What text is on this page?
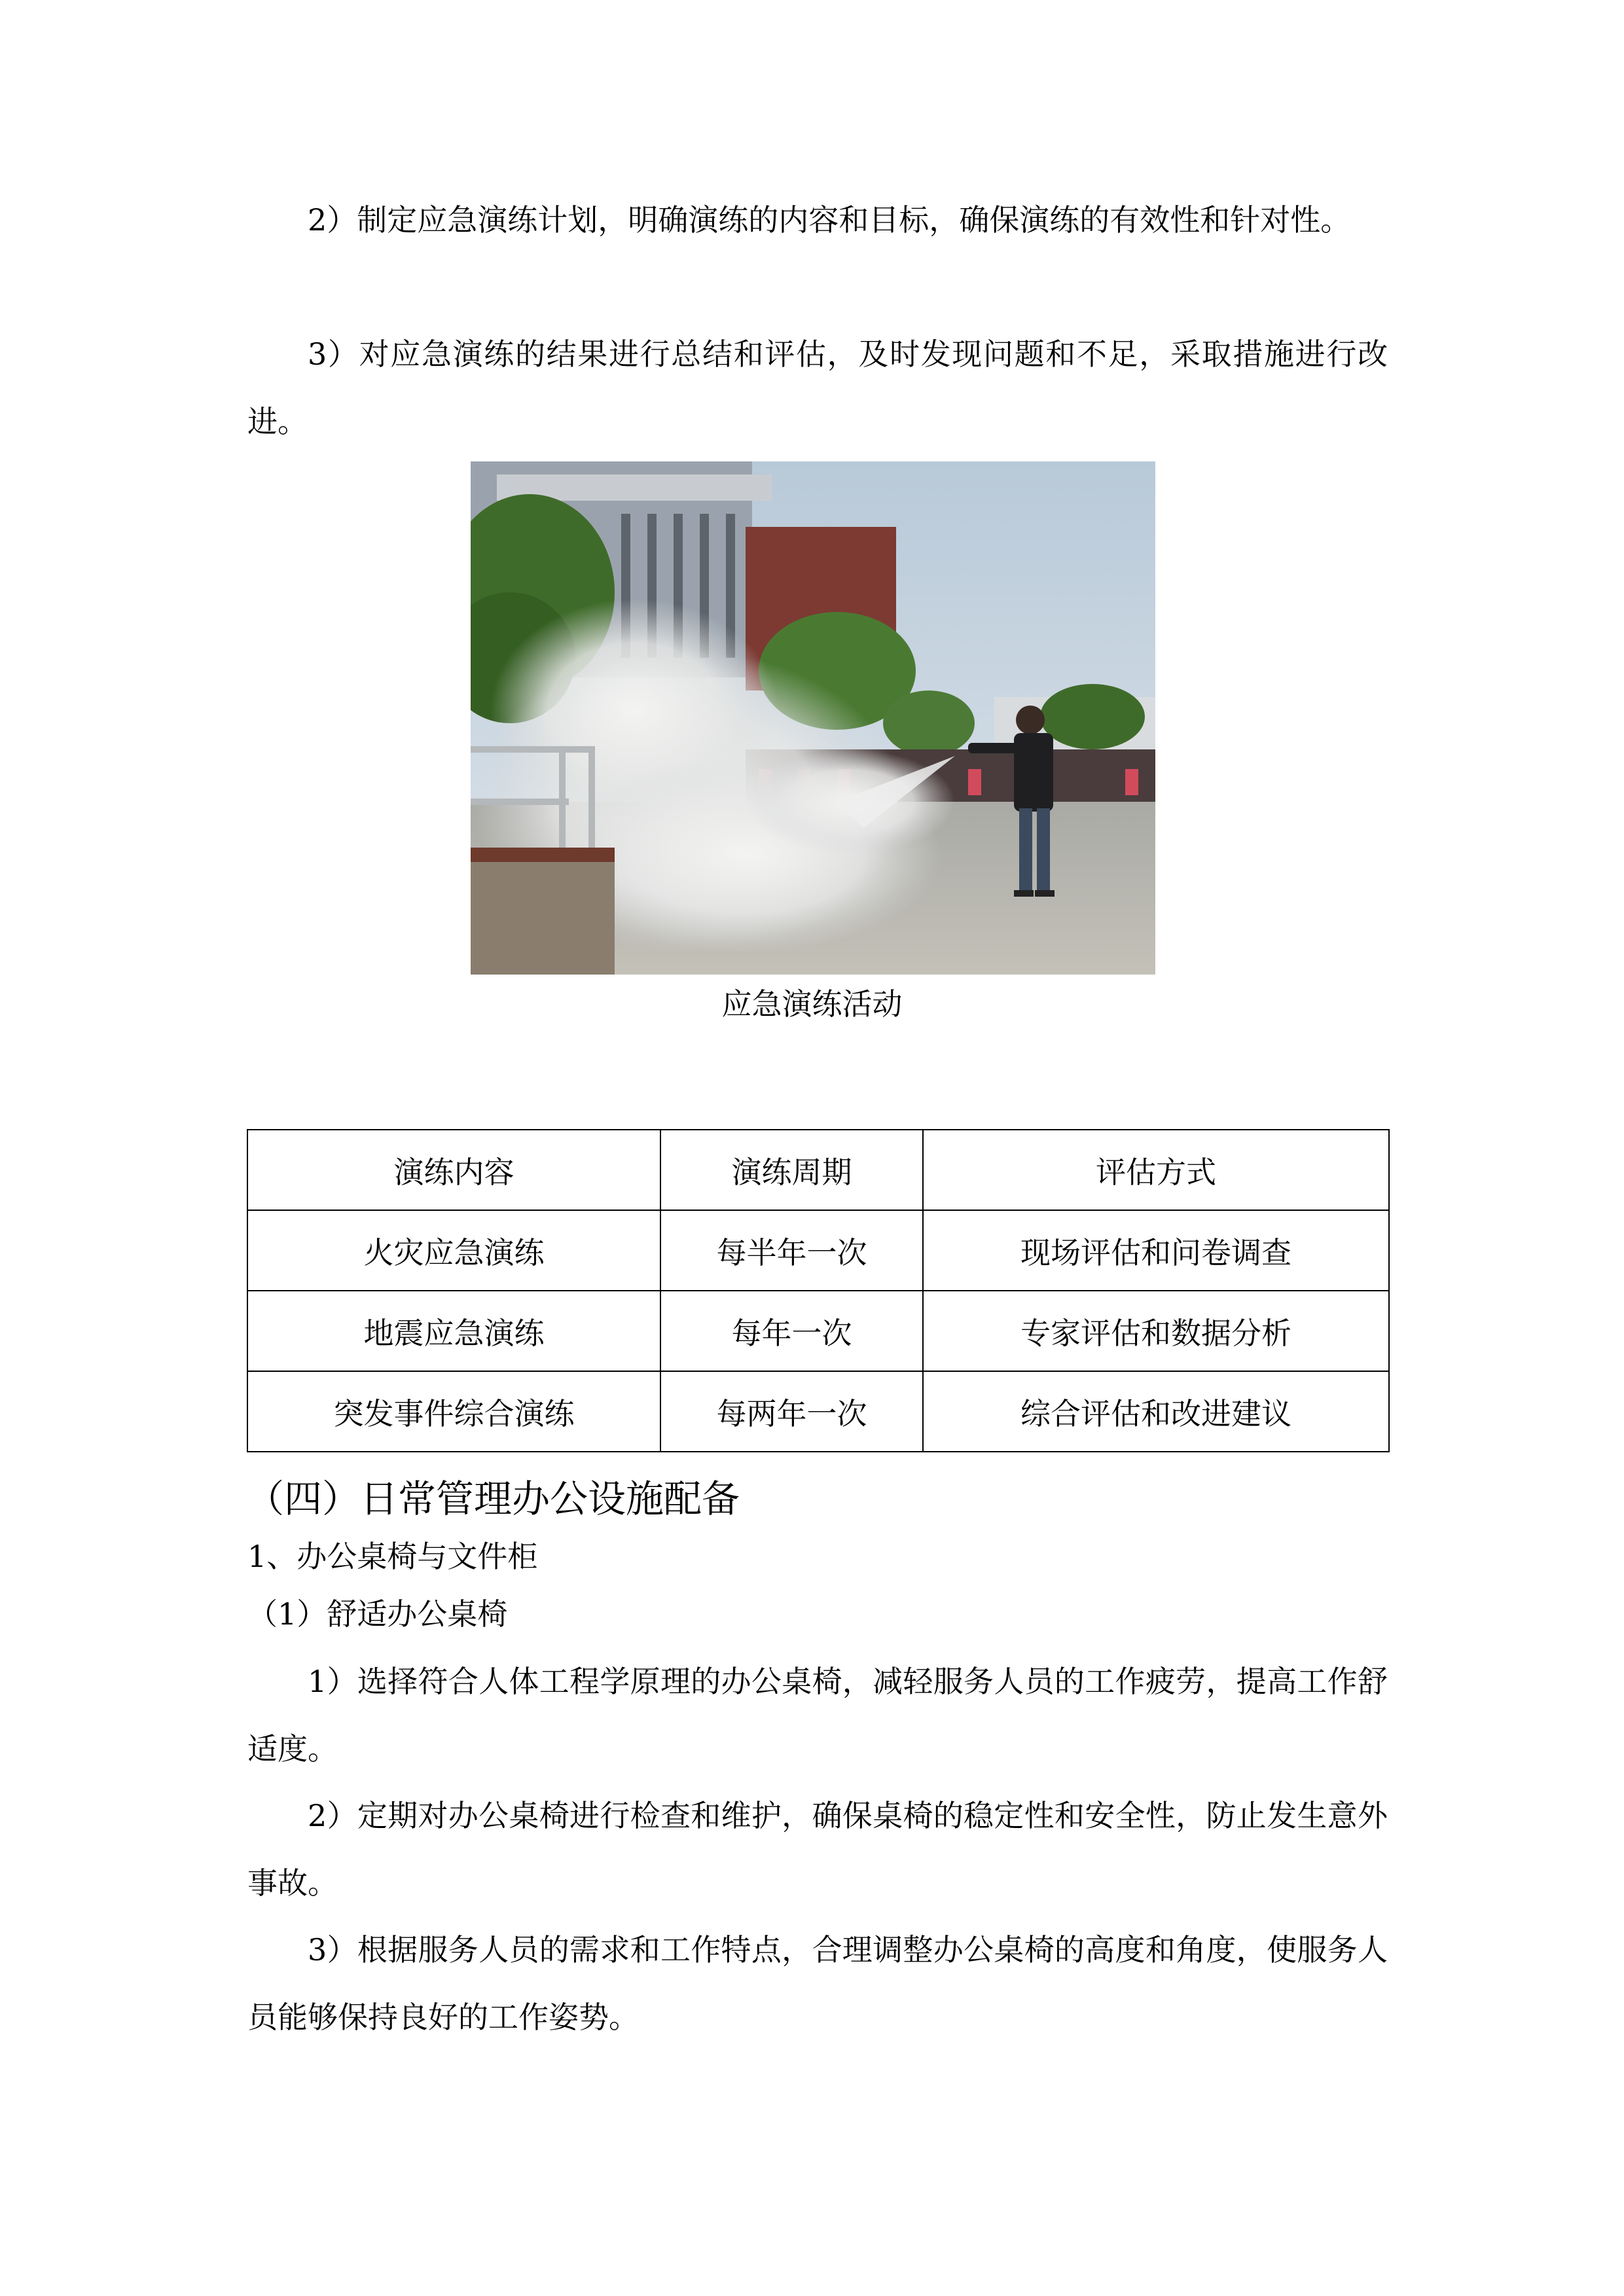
2）制定应急演练计划，明确演练的内容和目标，确保演练的有效性和针对性。

3）对应急演练的结果进行总结和评估，及时发现问题和不足，采取措施进行改进。

应急演练活动

演练内容	演练周期	评估方式
火灾应急演练	每半年一次	现场评估和问卷调查
地震应急演练	每年一次	专家评估和数据分析
突发事件综合演练	每两年一次	综合评估和改进建议
（四）日常管理办公设施配备
1、办公桌椅与文件柜
（1）舒适办公桌椅

1）选择符合人体工程学原理的办公桌椅，减轻服务人员的工作疲劳，提高工作舒适度。

2）定期对办公桌椅进行检查和维护，确保桌椅的稳定性和安全性，防止发生意外事故。

3）根据服务人员的需求和工作特点，合理调整办公桌椅的高度和角度，使服务人员能够保持良好的工作姿势。
